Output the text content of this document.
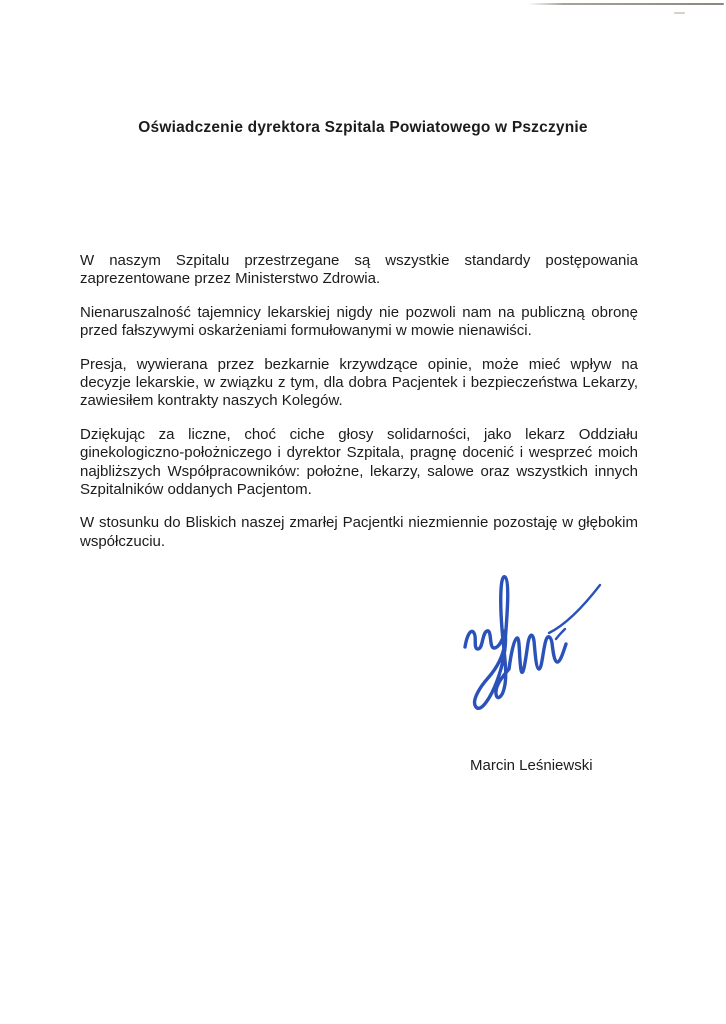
Oświadczenie dyrektora Szpitala Powiatowego w Pszczynie

W naszym Szpitalu przestrzegane są wszystkie standardy postępowania zaprezentowane przez Ministerstwo Zdrowia.

Nienaruszalność tajemnicy lekarskiej nigdy nie pozwoli nam na publiczną obronę przed fałszywymi oskarżeniami formułowanymi w mowie nienawiści.

Presja, wywierana przez bezkarnie krzywdzące opinie, może mieć wpływ na decyzje lekarskie, w związku z tym, dla dobra Pacjentek i bezpieczeństwa Lekarzy, zawiesiłem kontrakty naszych Kolegów.

Dziękując za liczne, choć ciche głosy solidarności, jako lekarz Oddziału ginekologiczno-położniczego i dyrektor Szpitala, pragnę docenić i wesprzeć moich najbliższych Współpracowników: położne, lekarzy, salowe oraz wszystkich innych Szpitalników oddanych Pacjentom.

W stosunku do Bliskich naszej zmarłej Pacjentki niezmiennie pozostaję w głębokim współczuciu.

Marcin Leśniewski
